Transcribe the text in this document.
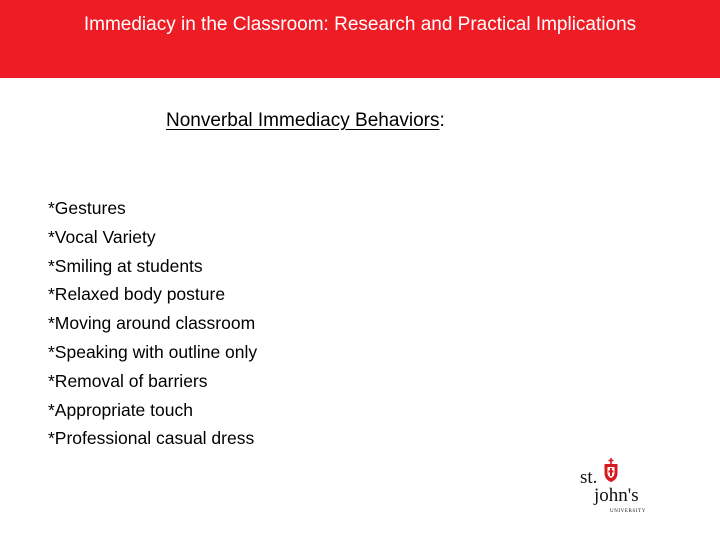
Immediacy in the Classroom: Research and Practical Implications
Nonverbal Immediacy Behaviors:
*Gestures
*Vocal Variety
*Smiling at students
*Relaxed body posture
*Moving around classroom
*Speaking with outline only
*Removal of barriers
*Appropriate touch
*Professional casual dress
st.
john's
UNIVERSITY
